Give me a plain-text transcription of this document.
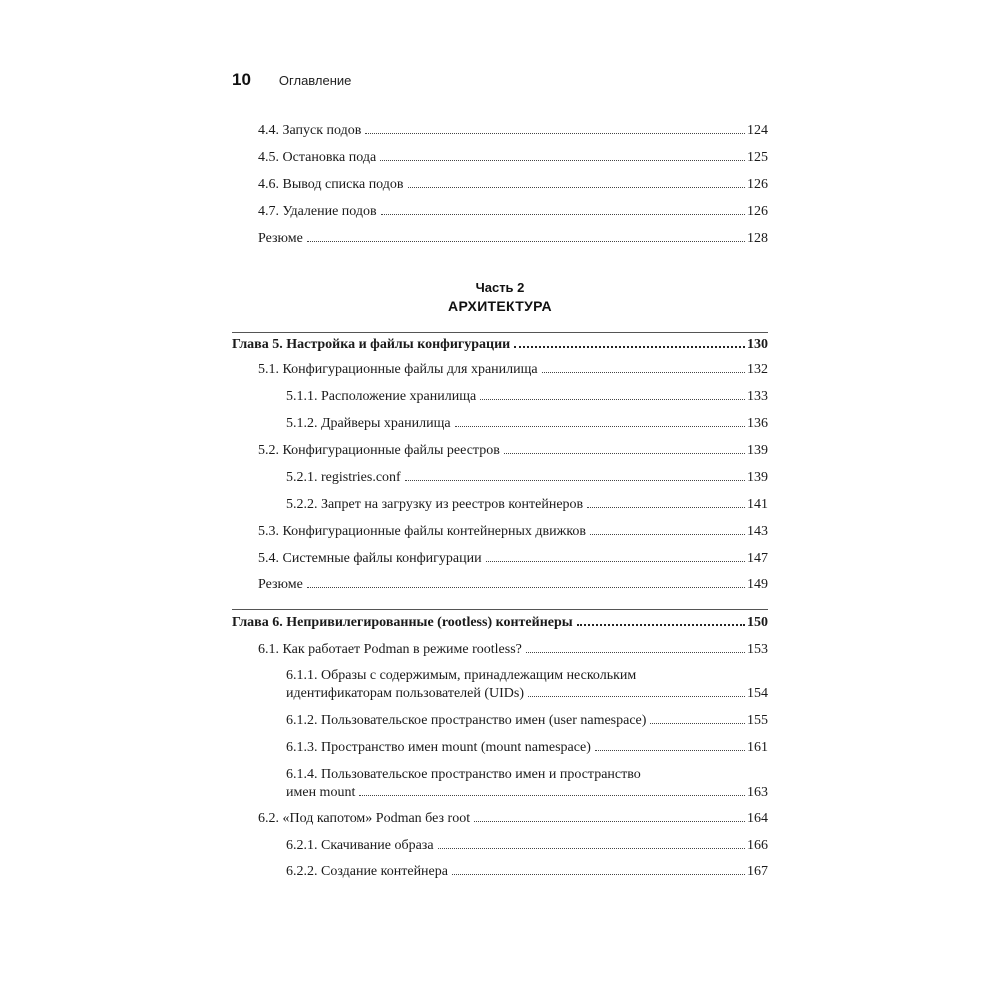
10 Оглавление
Часть 2
АРХИТЕКТУРА
4.4. Запуск подов	124
4.5. Остановка пода	125
4.6. Вывод списка подов	126
4.7. Удаление подов	126
Резюме	128
Глава 5. Настройка и файлы конфигурации	130
5.1. Конфигурационные файлы для хранилища	132
5.1.1. Расположение хранилища	133
5.1.2. Драйверы хранилища	136
5.2. Конфигурационные файлы реестров	139
5.2.1. registries.conf	139
5.2.2. Запрет на загрузку из реестров контейнеров	141
5.3. Конфигурационные файлы контейнерных движков	143
5.4. Системные файлы конфигурации	147
Резюме	149
Глава 6. Непривилегированные (rootless) контейнеры	150
6.1. Как работает Podman в режиме rootless?	153
6.1.1. Образы с содержимым, принадлежащим нескольким
идентификаторам пользователей (UIDs)	154
6.1.2. Пользовательское пространство имен (user namespace)	155
6.1.3. Пространство имен mount (mount namespace)	161
6.1.4. Пользовательское пространство имен и пространство
имен mount	163
6.2. «Под капотом» Podman без root	164
6.2.1. Скачивание образа	166
6.2.2. Создание контейнера	167
